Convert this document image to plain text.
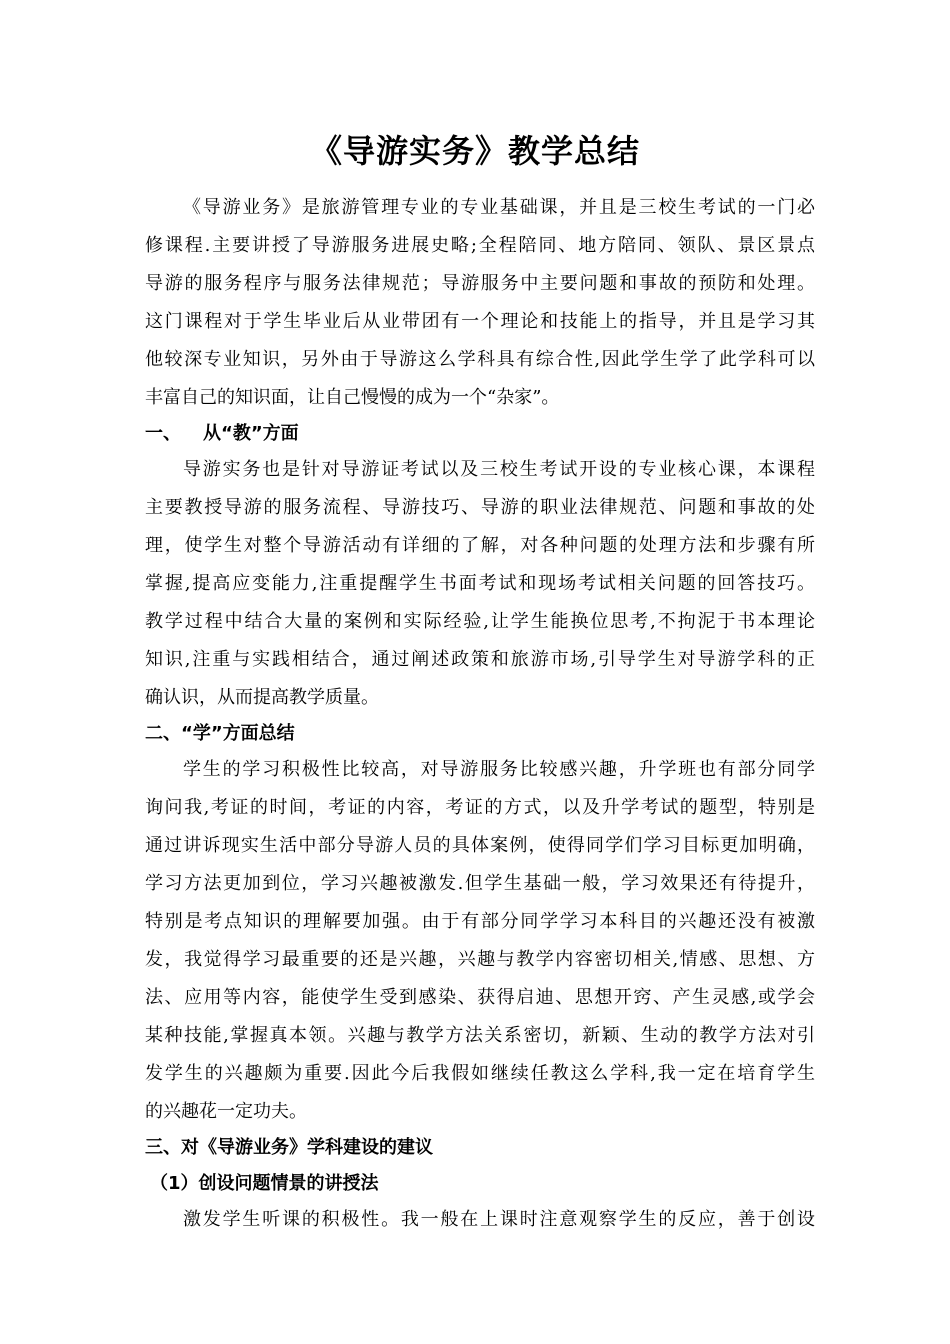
《导游实务》教学总结
《导游业务》是旅游管理专业的专业基础课，并且是三校生考试的一门必
修课程.主要讲授了导游服务进展史略;全程陪同、地方陪同、领队、景区景点
导游的服务程序与服务法律规范；导游服务中主要问题和事故的预防和处理。
这门课程对于学生毕业后从业带团有一个理论和技能上的指导，并且是学习其
他较深专业知识，另外由于导游这么学科具有综合性,因此学生学了此学科可以
丰富自己的知识面，让自己慢慢的成为一个“杂家”。
一、 从“教”方面
导游实务也是针对导游证考试以及三校生考试开设的专业核心课，本课程
主要教授导游的服务流程、导游技巧、导游的职业法律规范、问题和事故的处
理，使学生对整个导游活动有详细的了解，对各种问题的处理方法和步骤有所
掌握,提高应变能力,注重提醒学生书面考试和现场考试相关问题的回答技巧。
教学过程中结合大量的案例和实际经验,让学生能换位思考,不拘泥于书本理论
知识,注重与实践相结合，通过阐述政策和旅游市场,引导学生对导游学科的正
确认识，从而提高教学质量。
二、“学”方面总结
学生的学习积极性比较高，对导游服务比较感兴趣，升学班也有部分同学
询问我,考证的时间，考证的内容，考证的方式，以及升学考试的题型，特别是
通过讲诉现实生活中部分导游人员的具体案例，使得同学们学习目标更加明确，
学习方法更加到位，学习兴趣被激发.但学生基础一般，学习效果还有待提升，
特别是考点知识的理解要加强。由于有部分同学学习本科目的兴趣还没有被激
发，我觉得学习最重要的还是兴趣，兴趣与教学内容密切相关,情感、思想、方
法、应用等内容，能使学生受到感染、获得启迪、思想开窍、产生灵感,或学会
某种技能,掌握真本领。兴趣与教学方法关系密切，新颖、生动的教学方法对引
发学生的兴趣颇为重要.因此今后我假如继续任教这么学科,我一定在培育学生
的兴趣花一定功夫。
三、对《导游业务》学科建设的建议
（1）创设问题情景的讲授法
激发学生听课的积极性。我一般在上课时注意观察学生的反应，善于创设
